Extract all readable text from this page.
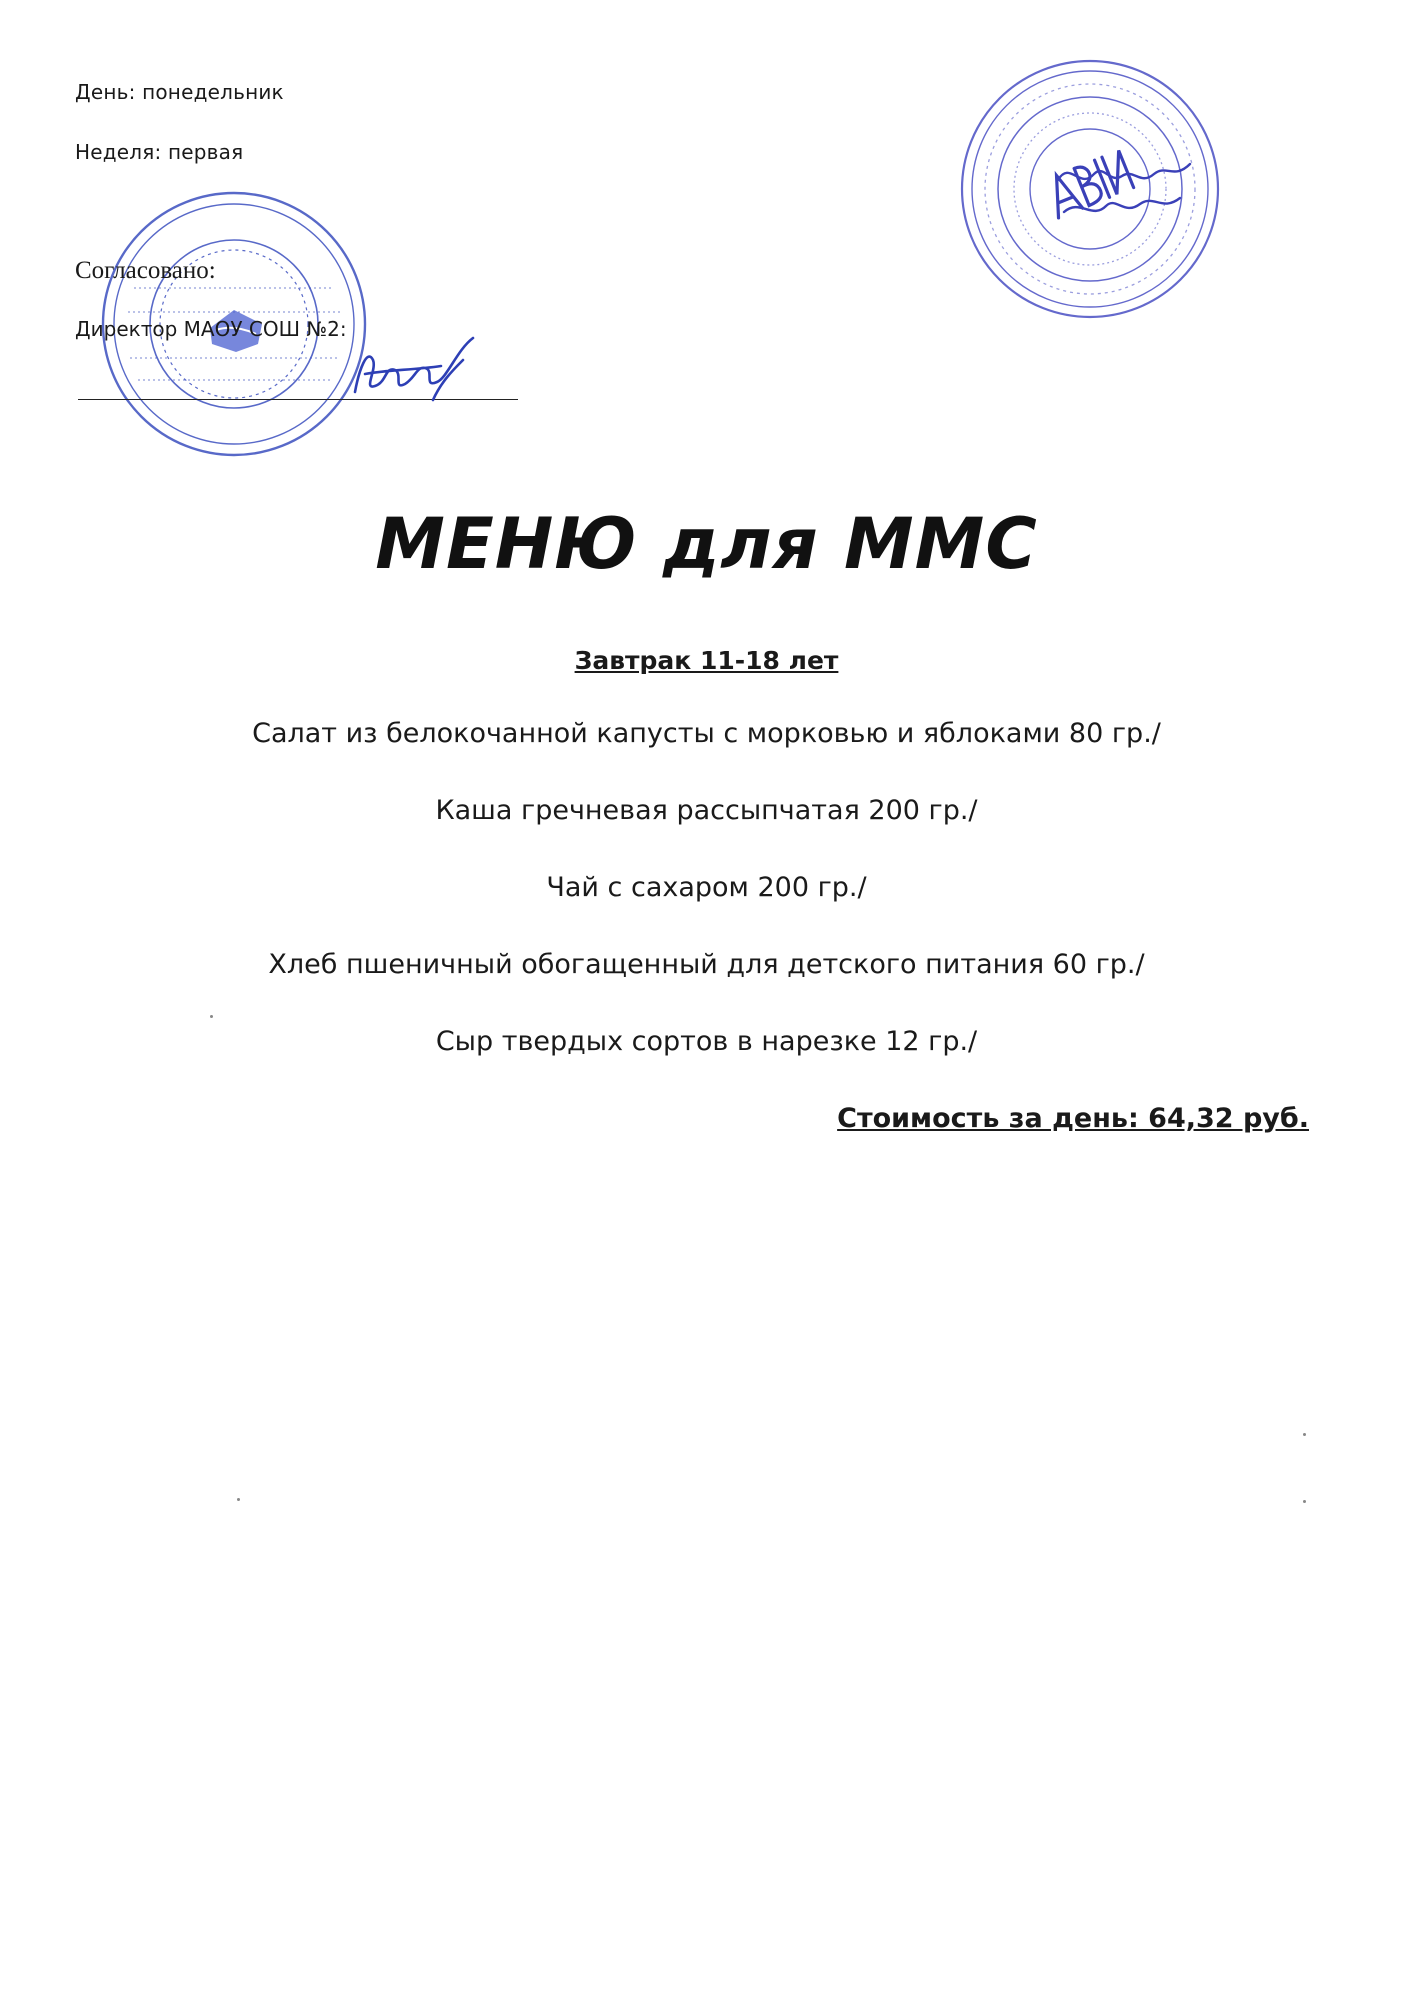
День: понедельник
Неделя: первая
Согласовано:
Директор МАОУ СОШ №2:
МЕНЮ для ММС
Завтрак 11-18 лет
Салат из белокочанной капусты с морковью и яблоками 80 гр./
Каша гречневая рассыпчатая 200 гр./
Чай с сахаром 200 гр./
Хлеб пшеничный обогащенный для детского питания 60 гр./
Сыр твердых сортов в нарезке 12 гр./
Стоимость за день: 64,32 руб.
